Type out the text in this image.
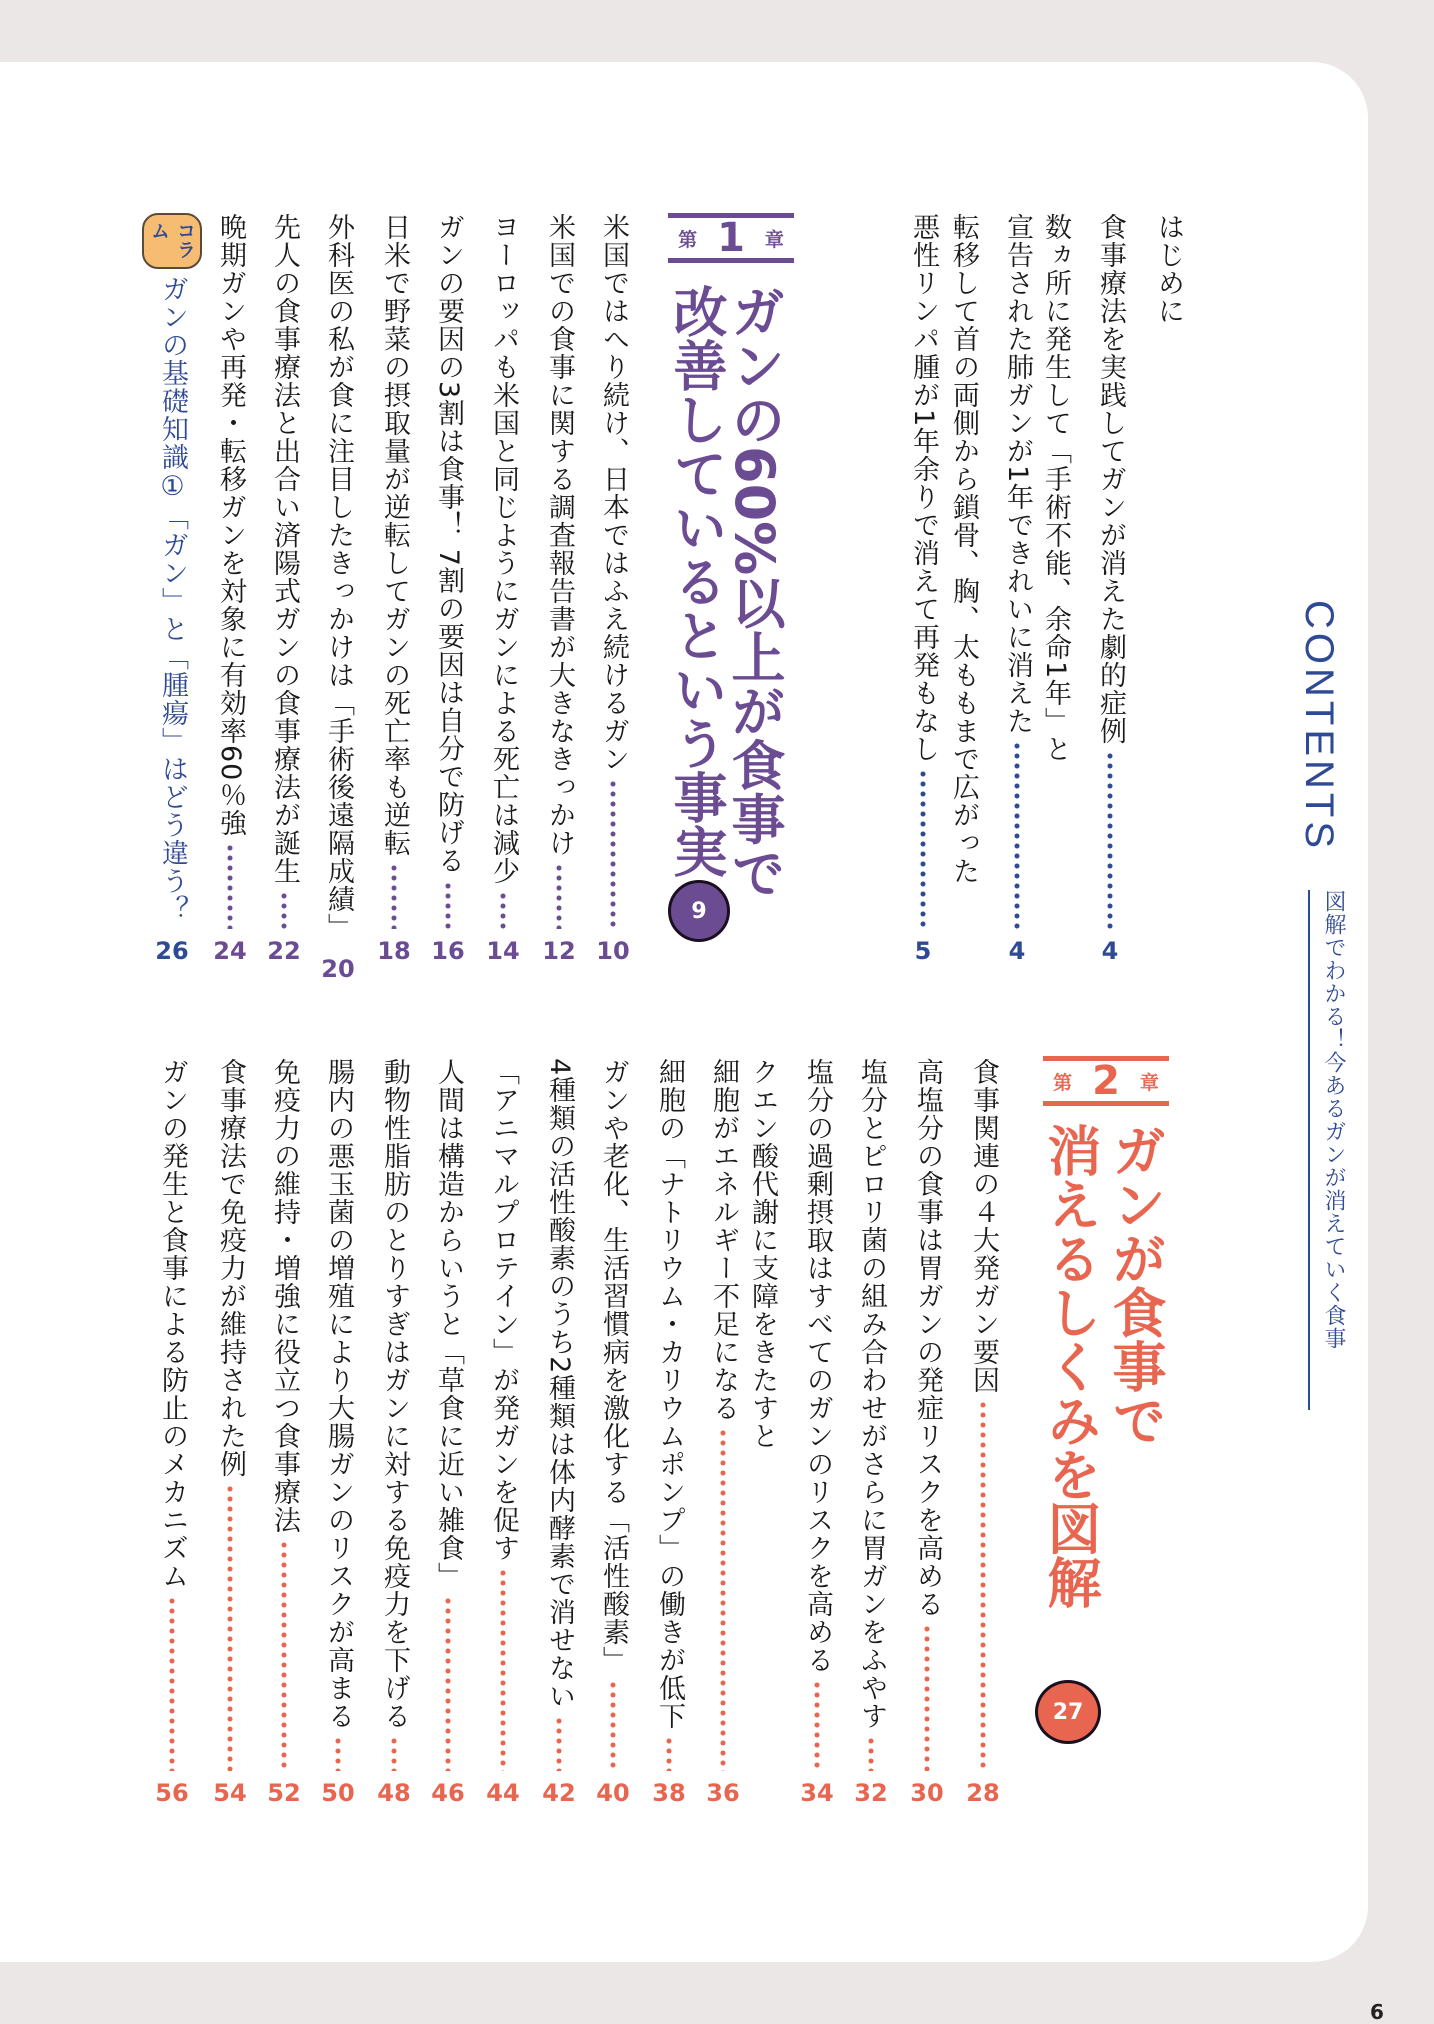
CONTENTS
図解でわかる！今あるガンが消えていく食事
第 1 章
ガンの60%以上が食事で
改善しているという事実
9
第 2 章
ガンが食事で
消えるしくみを図解
27
はじめに
食事療法を実践してガンが消えた劇的症例
4
数ヵ所に発生して「手術不能、余命1年」と
宣告された肺ガンが1年できれいに消えた
4
転移して首の両側から鎖骨、胸、太ももまで広がった
悪性リンパ腫が1年余りで消えて再発もなし
5
米国ではへり続け、日本ではふえ続けるガン
10
米国での食事に関する調査報告書が大きなきっかけ
12
ヨーロッパも米国と同じようにガンによる死亡は減少
14
ガンの要因の3割は食事！ 7割の要因は自分で防げる
16
日米で野菜の摂取量が逆転してガンの死亡率も逆転
18
外科医の私が食に注目したきっかけは「手術後遠隔成績」
20
先人の食事療法と出合い済陽式ガンの食事療法が誕生
22
晩期ガンや再発・転移ガンを対象に有効率60％強
24
コラム
ガンの基礎知識①「ガン」と「腫瘍」はどう違う？
26
食事関連の４大発ガン要因
28
高塩分の食事は胃ガンの発症リスクを高める
30
塩分とピロリ菌の組み合わせがさらに胃ガンをふやす
32
塩分の過剰摂取はすべてのガンのリスクを高める
34
クエン酸代謝に支障をきたすと
細胞がエネルギー不足になる
36
細胞の「ナトリウム・カリウムポンプ」の働きが低下
38
ガンや老化、生活習慣病を激化する「活性酸素」
40
4種類の活性酸素のうち2種類は体内酵素で消せない
42
「アニマルプロテイン」が発ガンを促す
44
人間は構造からいうと「草食に近い雑食」
46
動物性脂肪のとりすぎはガンに対する免疫力を下げる
48
腸内の悪玉菌の増殖により大腸ガンのリスクが高まる
50
免疫力の維持・増強に役立つ食事療法
52
食事療法で免疫力が維持された例
54
ガンの発生と食事による防止のメカニズム
56
6
